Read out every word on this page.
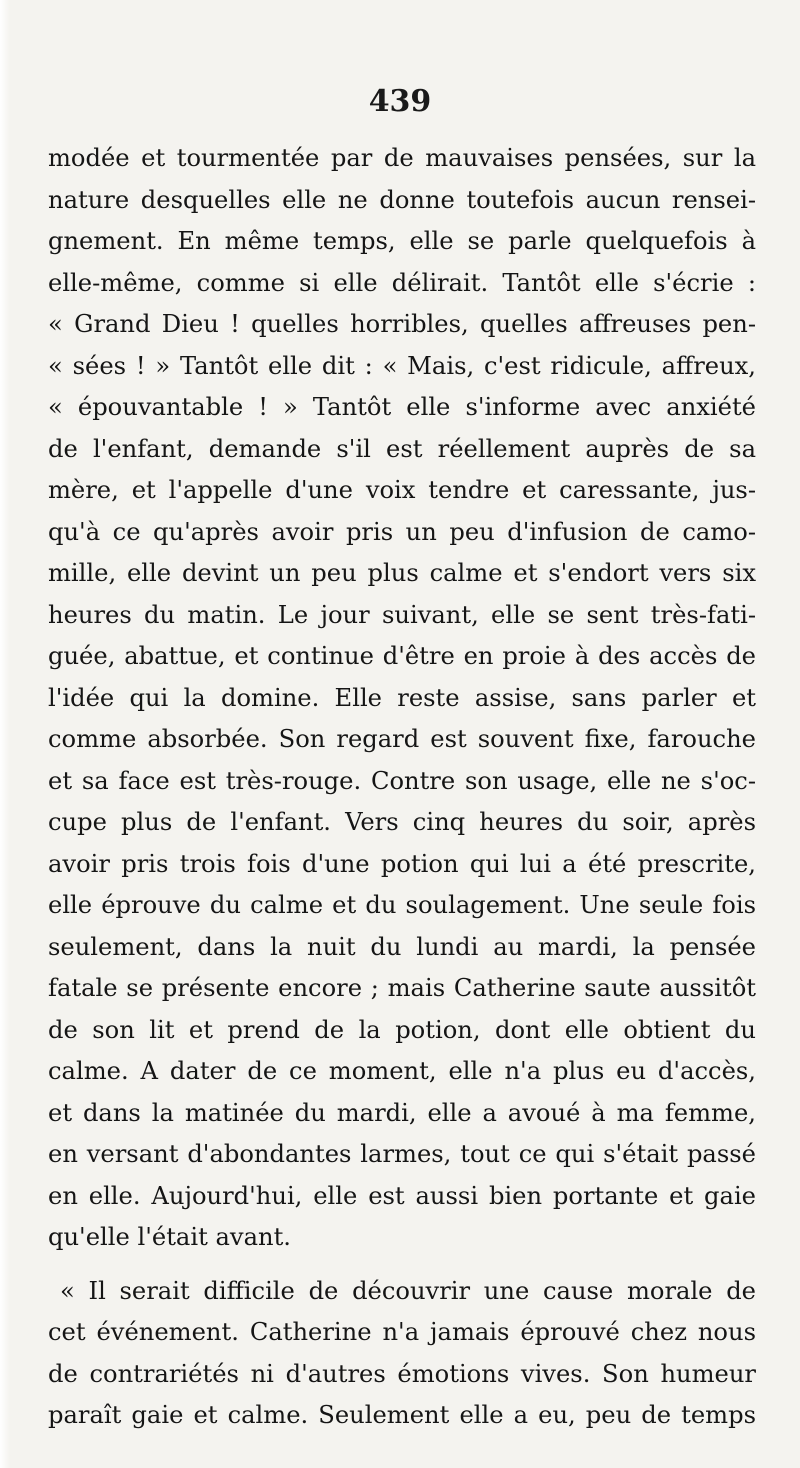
439
modée et tourmentée par de mauvaises pensées, sur la
nature desquelles elle ne donne toutefois aucun rensei-
gnement. En même temps, elle se parle quelquefois à
elle-même, comme si elle délirait. Tantôt elle s'écrie :
« Grand Dieu ! quelles horribles, quelles affreuses pen-
« sées ! » Tantôt elle dit : « Mais, c'est ridicule, affreux,
« épouvantable ! » Tantôt elle s'informe avec anxiété
de l'enfant, demande s'il est réellement auprès de sa
mère, et l'appelle d'une voix tendre et caressante, jus-
qu'à ce qu'après avoir pris un peu d'infusion de camo-
mille, elle devint un peu plus calme et s'endort vers six
heures du matin. Le jour suivant, elle se sent très-fati-
guée, abattue, et continue d'être en proie à des accès de
l'idée qui la domine. Elle reste assise, sans parler et
comme absorbée. Son regard est souvent fixe, farouche
et sa face est très-rouge. Contre son usage, elle ne s'oc-
cupe plus de l'enfant. Vers cinq heures du soir, après
avoir pris trois fois d'une potion qui lui a été prescrite,
elle éprouve du calme et du soulagement. Une seule fois
seulement, dans la nuit du lundi au mardi, la pensée
fatale se présente encore ; mais Catherine saute aussitôt
de son lit et prend de la potion, dont elle obtient du
calme. A dater de ce moment, elle n'a plus eu d'accès,
et dans la matinée du mardi, elle a avoué à ma femme,
en versant d'abondantes larmes, tout ce qui s'était passé
en elle. Aujourd'hui, elle est aussi bien portante et gaie
qu'elle l'était avant.
« Il serait difficile de découvrir une cause morale de
cet événement. Catherine n'a jamais éprouvé chez nous
de contrariétés ni d'autres émotions vives. Son humeur
paraît gaie et calme. Seulement elle a eu, peu de temps
